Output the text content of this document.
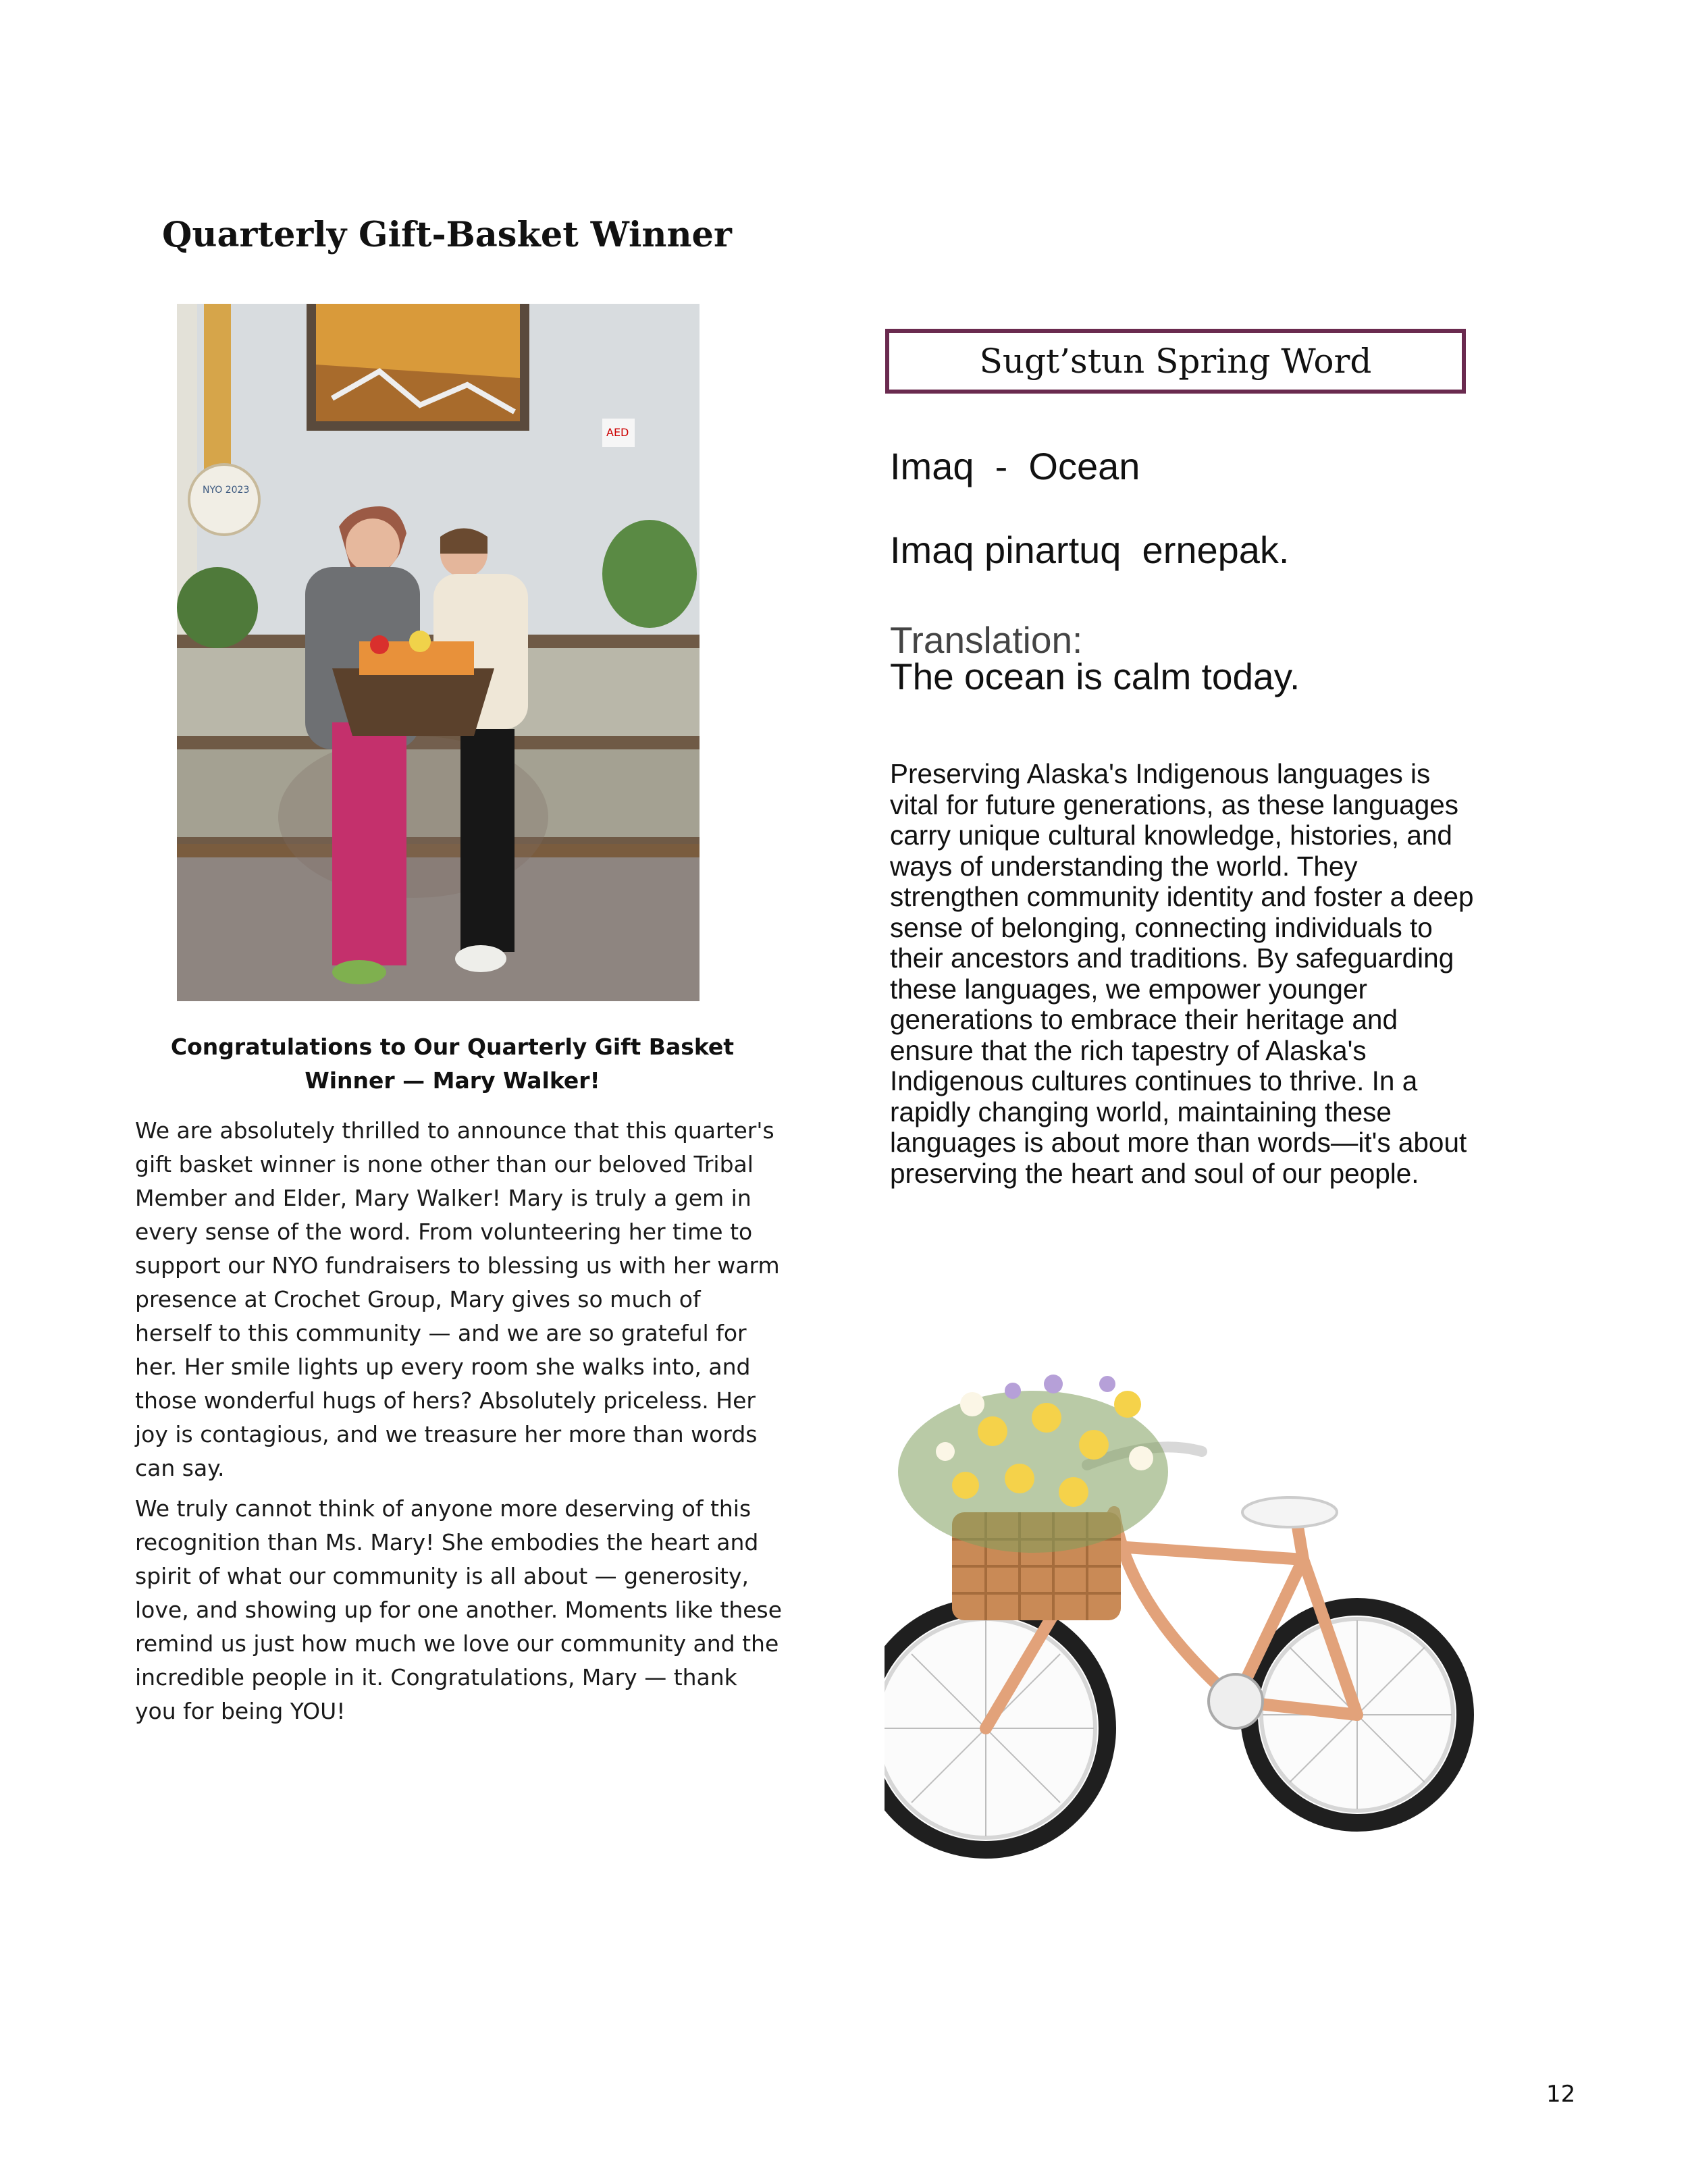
Quarterly Gift-Basket Winner
AED
NYO 2023
Congratulations to Our Quarterly Gift Basket Winner — Mary Walker!

We are absolutely thrilled to announce that this quarter's gift basket winner is none other than our beloved Tribal Member and Elder, Mary Walker! Mary is truly a gem in every sense of the word. From volunteering her time to support our NYO fundraisers to blessing us with her warm presence at Crochet Group, Mary gives so much of herself to this community — and we are so grateful for her. Her smile lights up every room she walks into, and those wonderful hugs of hers? Absolutely priceless. Her joy is contagious, and we treasure her more than words can say.

We truly cannot think of anyone more deserving of this recognition than Ms. Mary! She embodies the heart and spirit of what our community is all about — generosity, love, and showing up for one another. Moments like these remind us just how much we love our community and the incredible people in it. Congratulations, Mary — thank you for being YOU!

Sugt’stun Spring Word
Imaq  -  Ocean
Imaq pinartuq  ernepak.
Translation:
The ocean is calm today.
Preserving Alaska's Indigenous languages is vital for future generations, as these languages carry unique cultural knowledge, histories, and ways of understanding the world. They strengthen community identity and foster a deep sense of belonging, connecting individuals to their ancestors and traditions. By safeguarding these languages, we empower younger generations to embrace their heritage and ensure that the rich tapestry of Alaska's Indigenous cultures continues to thrive. In a rapidly changing world, maintaining these languages is about more than words—it's about preserving the heart and soul of our people.
12
